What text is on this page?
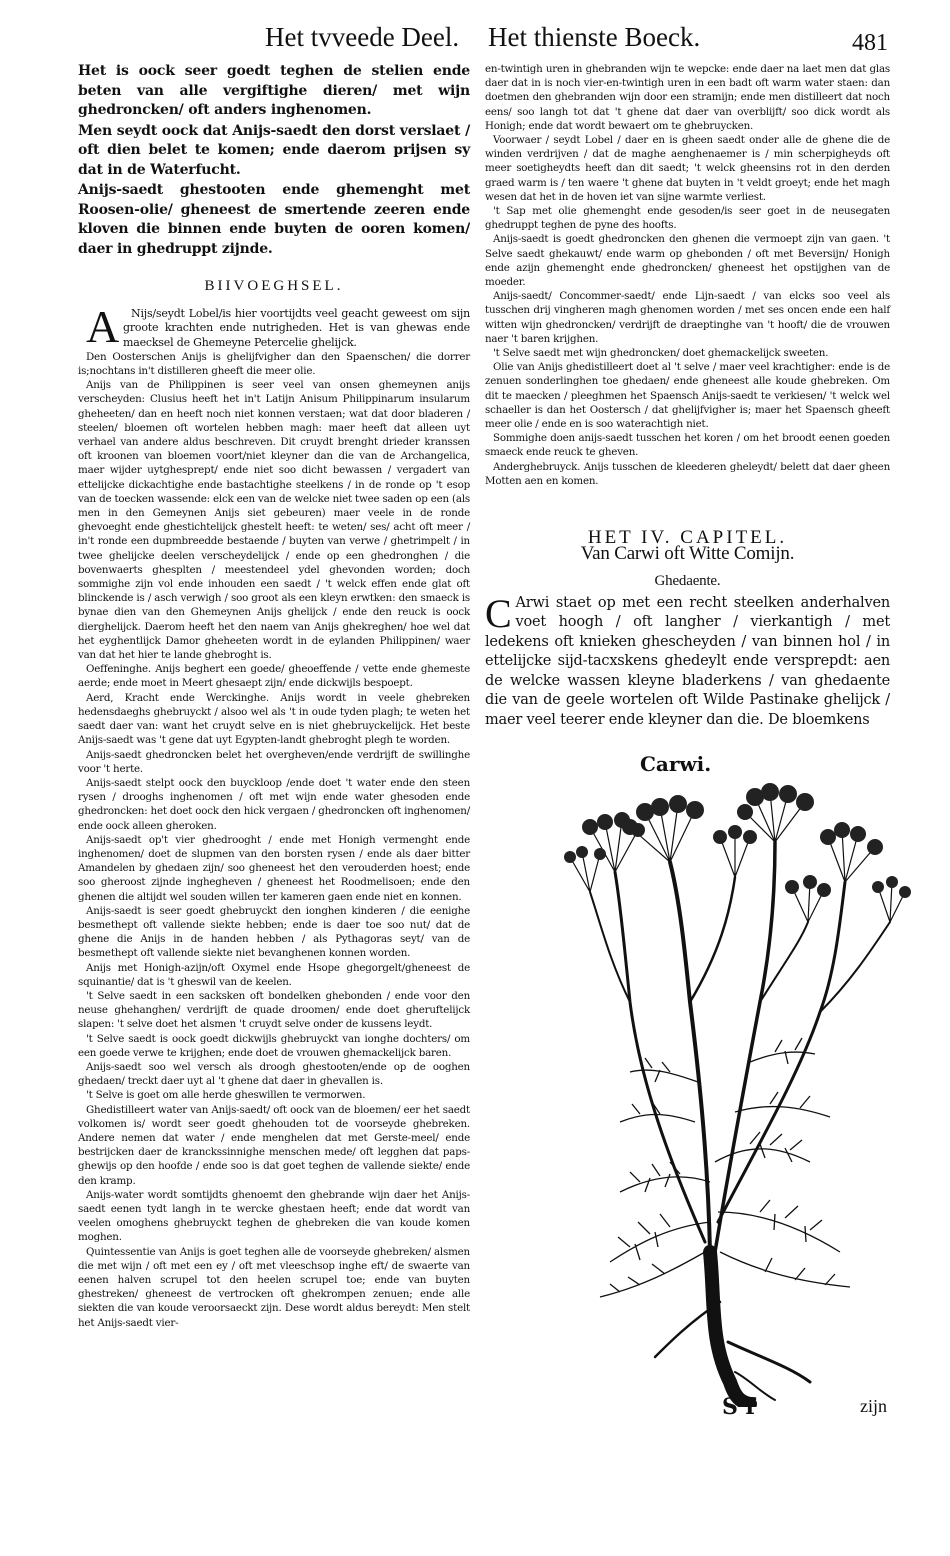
Het tvveede Deel. Het thienste Boeck.	481

Het is oock seer goedt teghen de stelien ende beten van alle vergiftighe dieren/ met wijn ghedroncken/ oft anders inghenomen.

Men seydt oock dat Anijs-saedt den dorst verslaet / oft dien belet te komen; ende daerom prijsen sy dat in de Waterfucht.

Anijs-saedt ghestooten ende ghemenght met Roosen-olie/ gheneest de smertende zeeren ende kloven die binnen ende buyten de ooren komen/ daer in ghedruppt zijnde.

BIIVOEGHSEL.

A Nijs/seydt Lobel/is hier voortijdts veel geacht geweest om sijn groote krachten ende nutrigheden. Het is van ghewas ende maecksel de Ghemeyne Petercelie ghelijck.

Den Oosterschen Anijs is ghelijfvigher dan den Spaenschen/ die dorrer is;nochtans in't distilleren gheeft die meer olie.

Anijs van de Philippinen is seer veel van onsen ghemeynen anijs verscheyden: Clusius heeft het in't Latijn Anisum Philippinarum insularum gheheeten/ dan en heeft noch niet konnen verstaen; wat dat door bladeren / steelen/ bloemen oft wortelen hebben magh: maer heeft dat alleen uyt verhael van andere aldus beschreven. Dit cruydt brenght drieder kranssen oft kroonen van bloemen voort/niet kleyner dan die van de Archangelica, maer wijder uytghesprept/ ende niet soo dicht bewassen / vergadert van ettelijcke dickachtighe ende bastachtighe steelkens / in de ronde op 't esop van de toecken wassende: elck een van de welcke niet twee saden op een (als men in den Gemeynen Anijs siet gebeuren) maer veele in de ronde ghevoeght ende ghestichtelijck ghestelt heeft: te weten/ ses/ acht oft meer / in't ronde een dupmbreedde bestaende / buyten van verwe / ghetrimpelt / in twee ghelijcke deelen verscheydelijck / ende op een ghedronghen / die bovenwaerts ghesplten / meestendeel ydel ghevonden worden; doch sommighe zijn vol ende inhouden een saedt / 't welck effen ende glat oft blinckende is / asch verwigh / soo groot als een kleyn erwtken: den smaeck is bynae dien van den Ghemeynen Anijs ghelijck / ende den reuck is oock dierghelijck. Daerom heeft het den naem van Anijs ghekreghen/ hoe wel dat het eyghentlijck Damor gheheeten wordt in de eylanden Philippinen/ waer van dat het hier te lande ghebroght is.

Oeffeninghe. Anijs beghert een goede/ gheoeffende / vette ende ghemeste aerde; ende moet in Meert ghesaept zijn/ ende dickwijls bespoept.

Aerd, Kracht ende Werckinghe. Anijs wordt in veele ghebreken hedensdaeghs ghebruyckt / alsoo wel als 't in oude tyden plagh; te weten het saedt daer van: want het cruydt selve en is niet ghebruyckelijck. Het beste Anijs-saedt was 't gene dat uyt Egypten-landt ghebroght plegh te worden.

Anijs-saedt ghedroncken belet het overgheven/ende verdrijft de swillinghe voor 't herte.

Anijs-saedt stelpt oock den buyckloop /ende doet 't water ende den steen rysen / drooghs inghenomen / oft met wijn ende water ghesoden ende ghedroncken: het doet oock den hick vergaen / ghedroncken oft inghenomen/ ende oock alleen gheroken.

Anijs-saedt op't vier ghedrooght / ende met Honigh vermenght ende inghenomen/ doet de slupmen van den borsten rysen / ende als daer bitter Amandelen by ghedaen zijn/ soo gheneest het den verouderden hoest; ende soo gheroost zijnde inghegheven / gheneest het Roodmelisoen; ende den ghenen die altijdt wel souden willen ter kameren gaen ende niet en konnen.

Anijs-saedt is seer goedt ghebruyckt den ionghen kinderen / die eenighe besmethept oft vallende siekte hebben; ende is daer toe soo nut/ dat de ghene die Anijs in de handen hebben / als Pythagoras seyt/ van de besmethept oft vallende siekte niet bevanghenen konnen worden.

Anijs met Honigh-azijn/oft Oxymel ende Hsope ghegorgelt/gheneest de squinantie/ dat is 't gheswil van de keelen.

't Selve saedt in een sacksken oft bondelken ghebonden / ende voor den neuse ghehanghen/ verdrijft de quade droomen/ ende doet gheruftelijck slapen: 't selve doet het alsmen 't cruydt selve onder de kussens leydt.

't Selve saedt is oock goedt dickwijls ghebruyckt van ionghe dochters/ om een goede verwe te krijghen; ende doet de vrouwen ghemackelijck baren.

Anijs-saedt soo wel versch als droogh ghestooten/ende op de ooghen ghedaen/ treckt daer uyt al 't ghene dat daer in ghevallen is.

't Selve is goet om alle herde gheswillen te vermorwen.

Ghedistilleert water van Anijs-saedt/ oft oock van de bloemen/ eer het saedt volkomen is/ wordt seer goedt ghehouden tot de voorseyde ghebreken. Andere nemen dat water / ende menghelen dat met Gerste-meel/ ende bestrijcken daer de kranckssinnighe menschen mede/ oft legghen dat paps-ghewijs op den hoofde / ende soo is dat goet teghen de vallende siekte/ ende den kramp.

Anijs-water wordt somtijdts ghenoemt den ghebrande wijn daer het Anijs-saedt eenen tydt langh in te wercke ghestaen heeft; ende dat wordt van veelen omoghens ghebruyckt teghen de ghebreken die van koude komen moghen.

Quintessentie van Anijs is goet teghen alle de voorseyde ghebreken/ alsmen die met wijn / oft met een ey / oft met vleeschsop inghe eft/ de swaerte van eenen halven scrupel tot den heelen scrupel toe; ende van buyten ghestreken/ gheneest de vertrocken oft ghekrompen zenuen; ende alle siekten die van koude veroorsaeckt zijn. Dese wordt aldus bereydt: Men stelt het Anijs-saedt vier-

en-twintigh uren in ghebranden wijn te wepcke: ende daer na laet men dat glas daer dat in is noch vier-en-twintigh uren in een badt oft warm water staen: dan doetmen den ghebranden wijn door een stramijn; ende men distilleert dat noch eens/ soo langh tot dat 't ghene dat daer van overblijft/ soo dick wordt als Honigh; ende dat wordt bewaert om te ghebruycken.

Voorwaer / seydt Lobel / daer en is gheen saedt onder alle de ghene die de winden verdrijven / dat de maghe aenghenaemer is / min scherpigheyds oft meer soetigheydts heeft dan dit saedt; 't welck gheensins rot in den derden graed warm is / ten waere 't ghene dat buyten in 't veldt groeyt; ende het magh wesen dat het in de hoven iet van sijne warmte verliest.

't Sap met olie ghemenght ende gesoden/is seer goet in de neusegaten ghedruppt teghen de pyne des hoofts.

Anijs-saedt is goedt ghedroncken den ghenen die vermoept zijn van gaen. 't Selve saedt ghekauwt/ ende warm op ghebonden / oft met Beversijn/ Honigh ende azijn ghemenght ende ghedroncken/ gheneest het opstijghen van de moeder.

Anijs-saedt/ Concommer-saedt/ ende Lijn-saedt / van elcks soo veel als tusschen drij vingheren magh ghenomen worden / met ses oncen ende een half witten wijn ghedroncken/ verdrijft de draeptinghe van 't hooft/ die de vrouwen naer 't baren krijghen.

't Selve saedt met wijn ghedroncken/ doet ghemackelijck sweeten.

Olie van Anijs ghedistilleert doet al 't selve / maer veel krachtigher: ende is de zenuen sonderlinghen toe ghedaen/ ende gheneest alle koude ghebreken. Om dit te maecken / pleeghmen het Spaensch Anijs-saedt te verkiesen/ 't welck wel schaeller is dan het Oostersch / dat ghelijfvigher is; maer het Spaensch gheeft meer olie / ende en is soo waterachtigh niet.

Sommighe doen anijs-saedt tusschen het koren / om het broodt eenen goeden smaeck ende reuck te gheven.

Anderghebruyck. Anijs tusschen de kleederen gheleydt/ belett dat daer gheen Motten aen en komen.

HET IV. CAPITEL.
Van Carwi oft Witte Comijn.
Ghedaente.

C Arwi staet op met een recht steelken anderhalven voet hoogh / oft langher / vierkantigh / met ledekens oft knieken ghescheyden / van binnen hol / in ettelijcke sijd-tacxskens ghedeylt ende versprepdt: aen de welcke wassen kleyne bladerkens / van ghedaente die van de geele wortelen oft Wilde Pastinake ghelijck / maer veel teerer ende kleyner dan die. De bloemkens

Carwi.
S f	zijn
